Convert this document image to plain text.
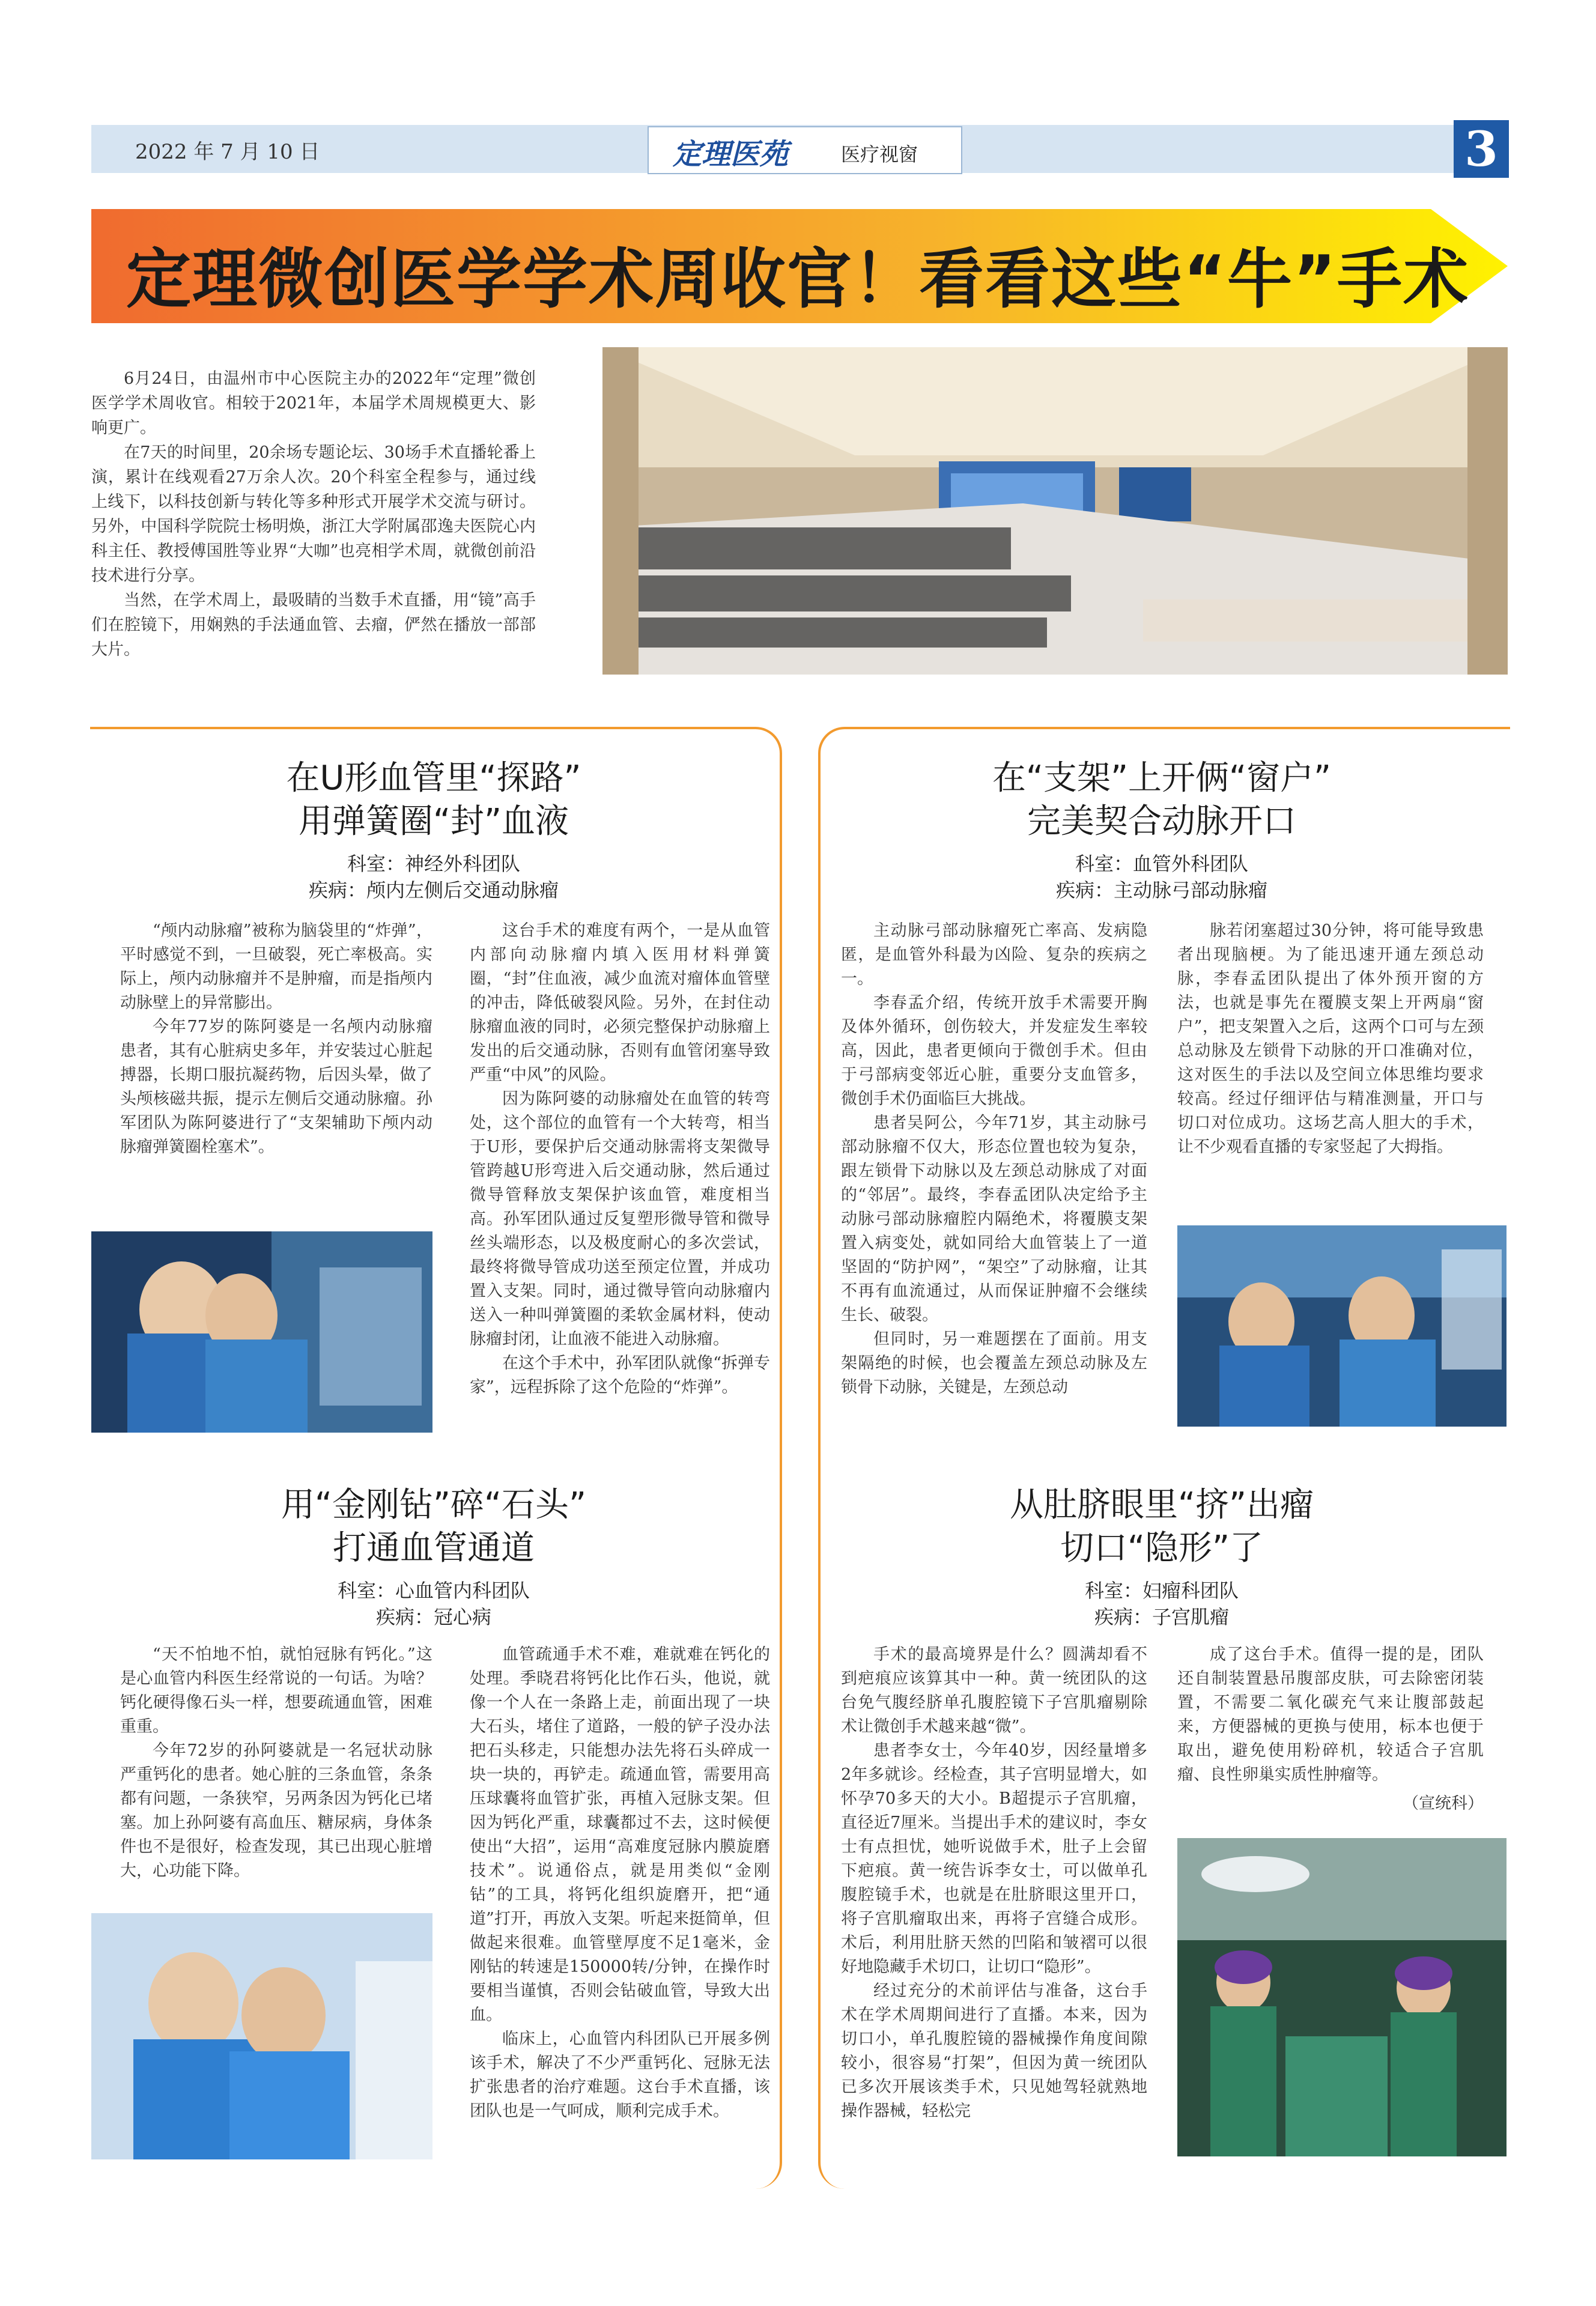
2022 年 7 月 10 日	定理医苑	医疗视窗	3
定理微创医学学术周收官！看看这些“牛”手术

6月24日，由温州市中心医院主办的2022年“定理”微创医学学术周收官。相较于2021年，本届学术周规模更大、影响更广。

在7天的时间里，20余场专题论坛、30场手术直播轮番上演，累计在线观看27万余人次。20个科室全程参与，通过线上线下，以科技创新与转化等多种形式开展学术交流与研讨。另外，中国科学院院士杨明焕，浙江大学附属邵逸夫医院心内科主任、教授傅国胜等业界“大咖”也亮相学术周，就微创前沿技术进行分享。

当然，在学术周上，最吸睛的当数手术直播，用“镜”高手们在腔镜下，用娴熟的手法通血管、去瘤，俨然在播放一部部大片。

在U形血管里“探路”
用弹簧圈“封”血液
科室：神经外科团队
疾病：颅内左侧后交通动脉瘤

“颅内动脉瘤”被称为脑袋里的“炸弹”，平时感觉不到，一旦破裂，死亡率极高。实际上，颅内动脉瘤并不是肿瘤，而是指颅内动脉壁上的异常膨出。

今年77岁的陈阿婆是一名颅内动脉瘤患者，其有心脏病史多年，并安装过心脏起搏器，长期口服抗凝药物，后因头晕，做了头颅核磁共振，提示左侧后交通动脉瘤。孙军团队为陈阿婆进行了“支架辅助下颅内动脉瘤弹簧圈栓塞术”。

这台手术的难度有两个，一是从血管内部向动脉瘤内填入医用材料弹簧圈，“封”住血液，减少血流对瘤体血管壁的冲击，降低破裂风险。另外，在封住动脉瘤血液的同时，必须完整保护动脉瘤上发出的后交通动脉，否则有血管闭塞导致严重“中风”的风险。

因为陈阿婆的动脉瘤处在血管的转弯处，这个部位的血管有一个大转弯，相当于U形，要保护后交通动脉需将支架微导管跨越U形弯进入后交通动脉，然后通过微导管释放支架保护该血管，难度相当高。孙军团队通过反复塑形微导管和微导丝头端形态，以及极度耐心的多次尝试，最终将微导管成功送至预定位置，并成功置入支架。同时，通过微导管向动脉瘤内送入一种叫弹簧圈的柔软金属材料，使动脉瘤封闭，让血液不能进入动脉瘤。

在这个手术中，孙军团队就像“拆弹专家”，远程拆除了这个危险的“炸弹”。

在“支架”上开俩“窗户”
完美契合动脉开口
科室：血管外科团队
疾病：主动脉弓部动脉瘤

主动脉弓部动脉瘤死亡率高、发病隐匿，是血管外科最为凶险、复杂的疾病之一。

李春孟介绍，传统开放手术需要开胸及体外循环，创伤较大，并发症发生率较高，因此，患者更倾向于微创手术。但由于弓部病变邻近心脏，重要分支血管多，微创手术仍面临巨大挑战。

患者吴阿公，今年71岁，其主动脉弓部动脉瘤不仅大，形态位置也较为复杂，跟左锁骨下动脉以及左颈总动脉成了对面的“邻居”。最终，李春孟团队决定给予主动脉弓部动脉瘤腔内隔绝术，将覆膜支架置入病变处，就如同给大血管装上了一道坚固的“防护网”，“架空”了动脉瘤，让其不再有血流通过，从而保证肿瘤不会继续生长、破裂。

但同时，另一难题摆在了面前。用支架隔绝的时候，也会覆盖左颈总动脉及左锁骨下动脉，关键是，左颈总动

脉若闭塞超过30分钟，将可能导致患者出现脑梗。为了能迅速开通左颈总动脉，李春孟团队提出了体外预开窗的方法，也就是事先在覆膜支架上开两扇“窗户”，把支架置入之后，这两个口可与左颈总动脉及左锁骨下动脉的开口准确对位，这对医生的手法以及空间立体思维均要求较高。经过仔细评估与精准测量，开口与切口对位成功。这场艺高人胆大的手术，让不少观看直播的专家竖起了大拇指。

用“金刚钻”碎“石头”
打通血管通道
科室：心血管内科团队
疾病：冠心病

“天不怕地不怕，就怕冠脉有钙化。”这是心血管内科医生经常说的一句话。为啥？钙化硬得像石头一样，想要疏通血管，困难重重。

今年72岁的孙阿婆就是一名冠状动脉严重钙化的患者。她心脏的三条血管，条条都有问题，一条狭窄，另两条因为钙化已堵塞。加上孙阿婆有高血压、糖尿病，身体条件也不是很好，检查发现，其已出现心脏增大，心功能下降。

血管疏通手术不难，难就难在钙化的处理。季晓君将钙化比作石头，他说，就像一个人在一条路上走，前面出现了一块大石头，堵住了道路，一般的铲子没办法把石头移走，只能想办法先将石头碎成一块一块的，再铲走。疏通血管，需要用高压球囊将血管扩张，再植入冠脉支架。但因为钙化严重，球囊都过不去，这时候便使出“大招”，运用“高难度冠脉内膜旋磨技术”。说通俗点，就是用类似“金刚钻”的工具，将钙化组织旋磨开，把“通道”打开，再放入支架。听起来挺简单，但做起来很难。血管壁厚度不足1毫米，金刚钻的转速是150000转/分钟，在操作时要相当谨慎，否则会钻破血管，导致大出血。

临床上，心血管内科团队已开展多例该手术，解决了不少严重钙化、冠脉无法扩张患者的治疗难题。这台手术直播，该团队也是一气呵成，顺利完成手术。

从肚脐眼里“挤”出瘤
切口“隐形”了
科室：妇瘤科团队
疾病：子宫肌瘤

手术的最高境界是什么？圆满却看不到疤痕应该算其中一种。黄一统团队的这台免气腹经脐单孔腹腔镜下子宫肌瘤剔除术让微创手术越来越“微”。

患者李女士，今年40岁，因经量增多2年多就诊。经检查，其子宫明显增大，如怀孕70多天的大小。B超提示子宫肌瘤，直径近7厘米。当提出手术的建议时，李女士有点担忧，她听说做手术，肚子上会留下疤痕。黄一统告诉李女士，可以做单孔腹腔镜手术，也就是在肚脐眼这里开口，将子宫肌瘤取出来，再将子宫缝合成形。术后，利用肚脐天然的凹陷和皱褶可以很好地隐藏手术切口，让切口“隐形”。

经过充分的术前评估与准备，这台手术在学术周期间进行了直播。本来，因为切口小，单孔腹腔镜的器械操作角度间隙较小，很容易“打架”，但因为黄一统团队已多次开展该类手术，只见她驾轻就熟地操作器械，轻松完

成了这台手术。值得一提的是，团队还自制装置悬吊腹部皮肤，可去除密闭装置，不需要二氧化碳充气来让腹部鼓起来，方便器械的更换与使用，标本也便于取出，避免使用粉碎机，较适合子宫肌瘤、良性卵巢实质性肿瘤等。

（宣统科）
